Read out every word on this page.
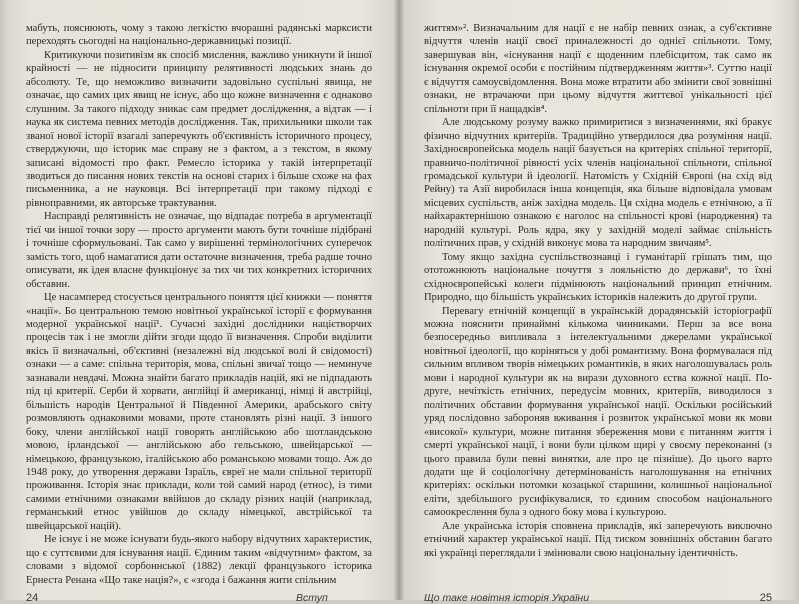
мабуть, пояснюють, чому з такою легкістю вчорашні радянські марксисти переходять сьогодні на національно-державницькі позиції.

Критикуючи позитивізм як спосіб мислення, важливо уникнути й іншої крайності — не підносити принципу релятивності людських знань до абсолюту. Те, що неможливо визначити задовільно суспільні явища, не означає, що самих цих явищ не існує, або що кожне визначення є однаково слушним. За такого підходу зникає сам предмет дослідження, а відтак — і наука як система певних методів дослідження. Так, прихильники школи так званої нової історії взагалі заперечують об'єктивність історичного процесу, стверджуючи, що історик має справу не з фактом, а з текстом, в якому записані відомості про факт. Ремесло історика у такій інтерпретації зводиться до писання нових текстів на основі старих і більше схоже на фах письменника, а не науковця. Всі інтерпретації при такому підході є рівноправними, як авторське трактування.

Насправді релятивність не означає, що відпадає потреба в аргументації тієї чи іншої точки зору — просто аргументи мають бути точніше підібрані і точніше сформульовані. Так само у вирішенні термінологічних суперечок замість того, щоб намагатися дати остаточне визначення, треба радше точно описувати, як ідея власне функціонує за тих чи тих конкретних історичних обставин.

Це насамперед стосується центрального поняття цієї книжки — поняття «нації». Бо центральною темою новітньої української історії є формування модерної української нації¹. Сучасні західні дослідники націєтворчих процесів так і не змогли дійти згоди щодо її визначення. Спроби виділити якісь її визначальні, об'єктивні (незалежні від людської волі й свідомості) ознаки — а саме: спільна територія, мова, спільні звичаї тощо — неминуче зазнавали невдачі. Можна знайти багато прикладів націй, які не підпадають під ці критерії. Серби й хорвати, англійці й американці, німці й австрійці, більшість народів Центральної й Південної Америки, арабського світу розмовляють однаковими мовами, проте становлять різні нації. З іншого боку, члени англійської нації говорять англійською або шотландською мовою, ірландської — англійською або гельською, швейцарської — німецькою, французькою, італійською або романською мовами тощо. Аж до 1948 року, до утворення держави Ізраїль, євреї не мали спільної території проживання. Історія знає приклади, коли той самий народ (етнос), із тими самими етнічними ознаками ввійшов до складу різних націй (наприклад, германський етнос увійшов до складу німецької, австрійської та швейцарської націй).

Не існує і не може існувати будь-якого набору відчутних характеристик, що є суттєвими для існування нації. Єдиним таким «відчутним» фактом, за словами з відомої сорбоннської (1882) лекції французького історика Ернеста Ренана «Що таке нація?», є «згода і бажання жити спільним

життям»². Визначальним для нації є не набір певних ознак, а суб'єктивне відчуття членів нації своєї приналежності до однієї спільноти. Тому, завершував він, «існування нації є щоденним плебісцитом, так само як існування окремої особи є постійним підтвердженням життя»³. Суттю нації є відчуття самоусвідомлення. Вона може втратити або змінити свої зовнішні ознаки, не втрачаючи при цьому відчуття життєвої унікальності цієї спільноти при її нащадків⁴.

Але людському розуму важко примиритися з визначеннями, які бракує фізично відчутних критеріїв. Традиційно утвердилося два розуміння нації. Західноєвропейська модель нації базується на критеріях спільної території, правничо-політичної рівності усіх членів національної спільноти, спільної громадської культури й ідеології. Натомість у Східній Європі (на схід від Рейну) та Азії виробилася інша концепція, яка більше відповідала умовам місцевих суспільств, аніж західна модель. Ця східна модель є етнічною, а її найхарактернішою ознакою є наголос на спільності крові (народження) та народній культурі. Роль ядра, яку у західній моделі займає спільність політичних прав, у східній виконує мова та народним звичаям⁵.

Тому якщо західна суспільствознавці і гуманітарії грішать тим, що ототожнюють національне почуття з лояльністю до держави⁶, то їхні східноєвропейські колеги підмінюють національний принцип етнічним. Природно, що більшість українських істориків належить до другої групи.

Перевагу етнічній концепції в українській дорадянській історіографії можна пояснити принаймні кількома чинниками. Перш за все вона безпосередньо випливала з інтелектуальними джерелами української новітньої ідеології, що коріняться у добі романтизму. Вона формувалася під сильним впливом творів німецьких романтиків, в яких наголошувалась роль мови і народної культури як на вирази духовного єства кожної нації. По-друге, нечіткість етнічних, передусім мовних, критеріїв, виводилося з політичних обставин формування української нації. Оскільки російський уряд послідовно забороняв вживання і розвиток української мови як мови «високої» культури, можне питання збереження мови є питанням життя і смерті української нації, і вони були цілком щирі у своєму переконанні (з цього правила були певні винятки, але про це пізніше). До цього варто додати ще й соціологічну детермінованість наголошування на етнічних критеріях: оскільки потомки козацької старшини, колишньої національної еліти, здебільшого русифікувалися, то єдиним способом національного самоокреслення була з одного боку мова і культурою.

Але українська історія сповнена прикладів, які заперечують виключно етнічний характер української нації. Під тиском зовнішніх обставин багато які українці переглядали і змінювали свою національну ідентичність.

24	Вступ	Що таке новітня історія України	25
